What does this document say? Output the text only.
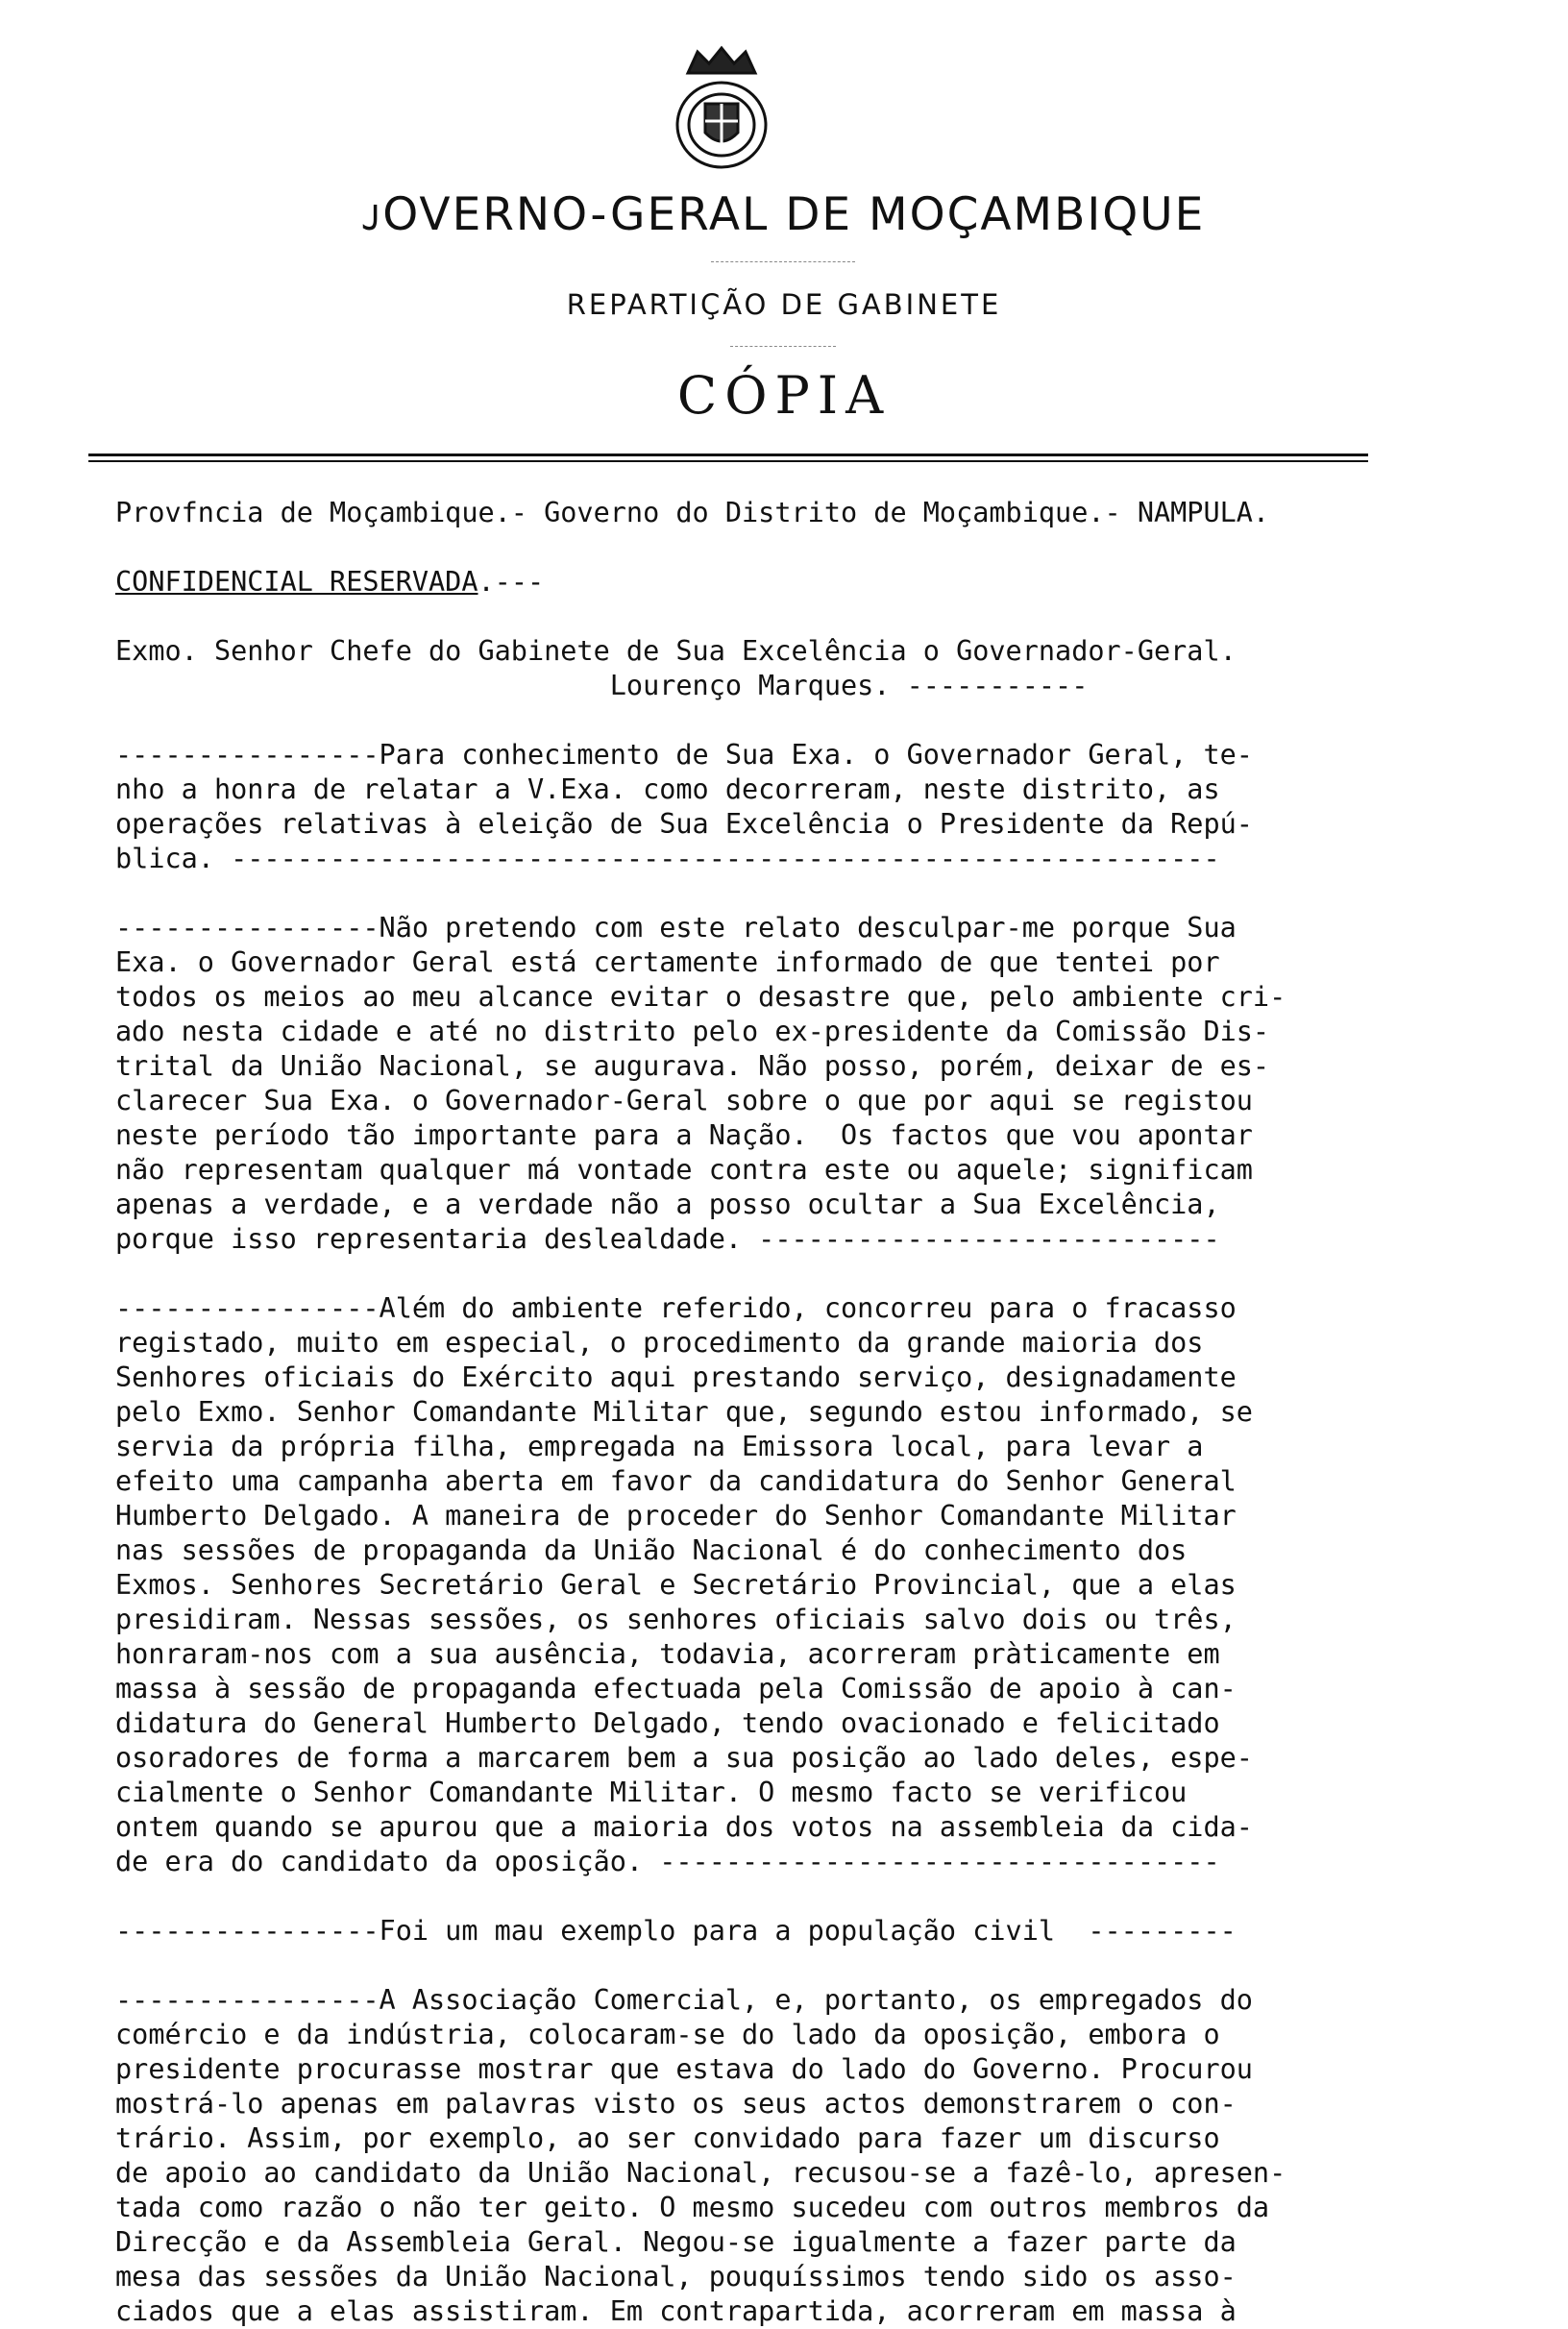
ᴊOVERNO-GERAL DE MOÇAMBIQUE
REPARTIÇÃO DE GABINETE
CÓPIA
Provfncia de Moçambique.- Governo do Distrito de Moçambique.- NAMPULA.
CONFIDENCIAL RESERVADA.---
Exmo. Senhor Chefe do Gabinete de Sua Excelência o Governador-Geral.
Lourenço Marques. -----------
----------------Para conhecimento de Sua Exa. o Governador Geral, te-
nho a honra de relatar a V.Exa. como decorreram, neste distrito, as
operações relativas à eleição de Sua Excelência o Presidente da Repú-
blica. ------------------------------------------------------------
----------------Não pretendo com este relato desculpar-me porque Sua
Exa. o Governador Geral está certamente informado de que tentei por
todos os meios ao meu alcance evitar o desastre que, pelo ambiente cri-
ado nesta cidade e até no distrito pelo ex-presidente da Comissão Dis-
trital da União Nacional, se augurava. Não posso, porém, deixar de es-
clarecer Sua Exa. o Governador-Geral sobre o que por aqui se registou
neste período tão importante para a Nação.  Os factos que vou apontar
não representam qualquer má vontade contra este ou aquele; significam
apenas a verdade, e a verdade não a posso ocultar a Sua Excelência,
porque isso representaria deslealdade. ----------------------------
----------------Além do ambiente referido, concorreu para o fracasso
registado, muito em especial, o procedimento da grande maioria dos
Senhores oficiais do Exército aqui prestando serviço, designadamente
pelo Exmo. Senhor Comandante Militar que, segundo estou informado, se
servia da própria filha, empregada na Emissora local, para levar a
efeito uma campanha aberta em favor da candidatura do Senhor General
Humberto Delgado. A maneira de proceder do Senhor Comandante Militar
nas sessões de propaganda da União Nacional é do conhecimento dos
Exmos. Senhores Secretário Geral e Secretário Provincial, que a elas
presidiram. Nessas sessões, os senhores oficiais salvo dois ou três,
honraram-nos com a sua ausência, todavia, acorreram pràticamente em
massa à sessão de propaganda efectuada pela Comissão de apoio à can-
didatura do General Humberto Delgado, tendo ovacionado e felicitado
osoradores de forma a marcarem bem a sua posição ao lado deles, espe-
cialmente o Senhor Comandante Militar. O mesmo facto se verificou
ontem quando se apurou que a maioria dos votos na assembleia da cida-
de era do candidato da oposição. ----------------------------------
----------------Foi um mau exemplo para a população civil  ---------
----------------A Associação Comercial, e, portanto, os empregados do
comércio e da indústria, colocaram-se do lado da oposição, embora o
presidente procurasse mostrar que estava do lado do Governo. Procurou
mostrá-lo apenas em palavras visto os seus actos demonstrarem o con-
trário. Assim, por exemplo, ao ser convidado para fazer um discurso
de apoio ao candidato da União Nacional, recusou-se a fazê-lo, apresen-
tada como razão o não ter geito. O mesmo sucedeu com outros membros da
Direcção e da Assembleia Geral. Negou-se igualmente a fazer parte da
mesa das sessões da União Nacional, pouquíssimos tendo sido os asso-
ciados que a elas assistiram. Em contrapartida, acorreram em massa à
